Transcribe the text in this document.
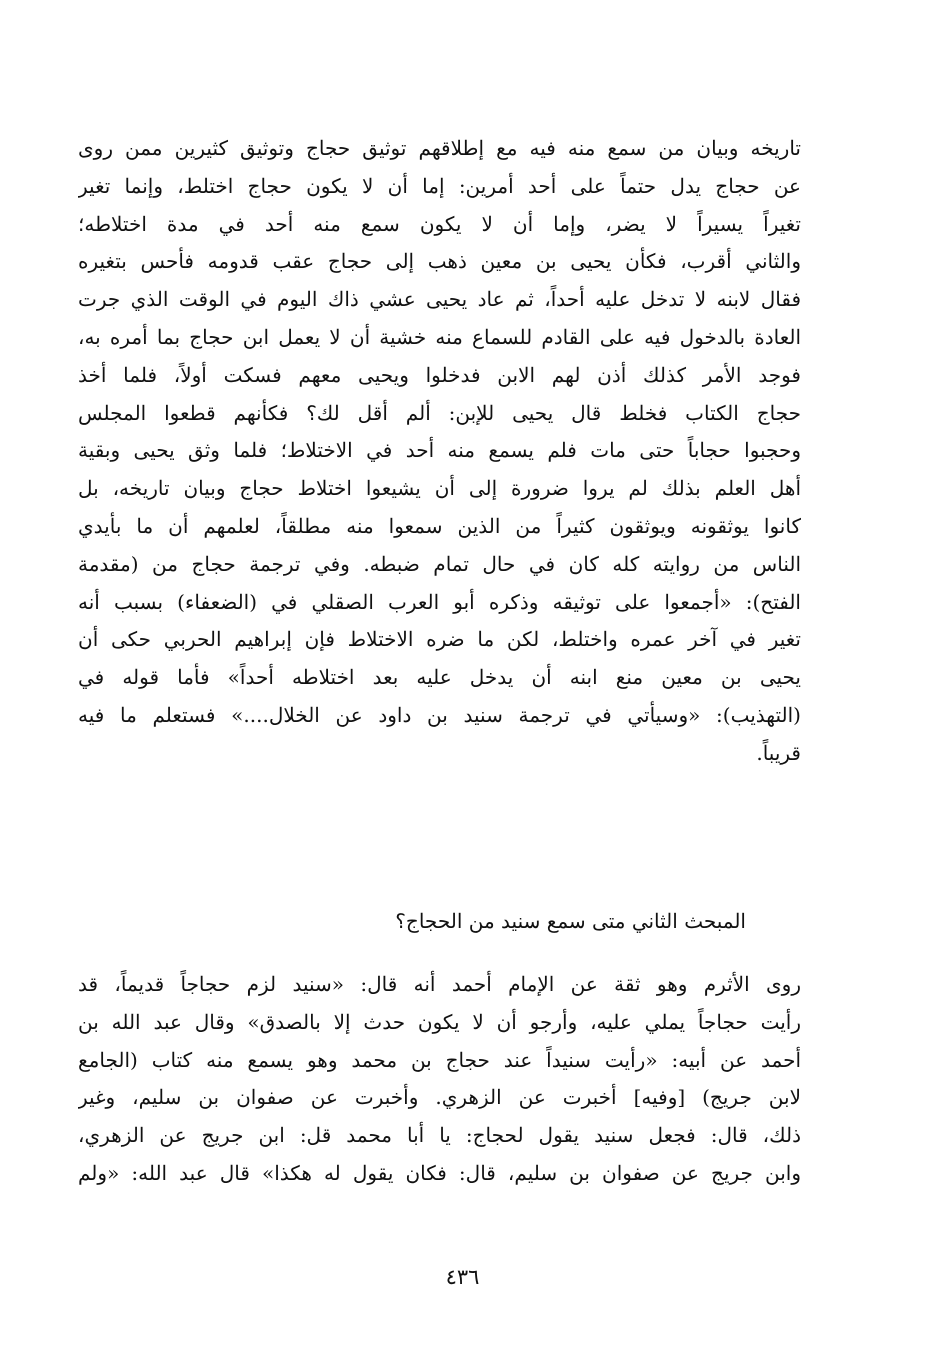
تاريخه وبيان من سمع منه فيه مع إطلاقهم توثيق حجاج وتوثيق كثيرين ممن روى
عن حجاج يدل حتماً على أحد أمرين: إما أن لا يكون حجاج اختلط، وإنما تغير
تغيراً يسيراً لا يضر، وإما أن لا يكون سمع منه أحد في مدة اختلاطه؛
والثاني أقرب، فكأن يحيى بن معين ذهب إلى حجاج عقب قدومه فأحس بتغيره
فقال لابنه لا تدخل عليه أحداً، ثم عاد يحيى عشي ذاك اليوم في الوقت الذي جرت
العادة بالدخول فيه على القادم للسماع منه خشية أن لا يعمل ابن حجاج بما أمره به،
فوجد الأمر كذلك أذن لهم الابن فدخلوا ويحيى معهم فسكت أولاً، فلما أخذ
حجاج الكتاب فخلط قال يحيى للإبن: ألم أقل لك؟ فكأنهم قطعوا المجلس
وحجبوا حجاباً حتى مات فلم يسمع منه أحد في الاختلاط؛ فلما وثق يحيى وبقية
أهل العلم بذلك لم يروا ضرورة إلى أن يشيعوا اختلاط حجاج وبيان تاريخه، بل
كانوا يوثقونه ويوثقون كثيراً من الذين سمعوا منه مطلقاً، لعلمهم أن ما بأيدي
الناس من روايته كله كان في حال تمام ضبطه. وفي ترجمة حجاج من (مقدمة
الفتح): «أجمعوا على توثيقه وذكره أبو العرب الصقلي في (الضعفاء) بسبب أنه
تغير في آخر عمره واختلط، لكن ما ضره الاختلاط فإن إبراهيم الحربي حكى أن
يحيى بن معين منع ابنه أن يدخل عليه بعد اختلاطه أحداً» فأما قوله في
(التهذيب): «وسيأتي في ترجمة سنيد بن داود عن الخلال....» فستعلم ما فيه
قريباً.
المبحث الثاني متى سمع سنيد من الحجاج؟
روى الأثرم وهو ثقة عن الإمام أحمد أنه قال: «سنيد لزم حجاجاً قديماً، قد
رأيت حجاجاً يملي عليه، وأرجو أن لا يكون حدث إلا بالصدق» وقال عبد الله بن
أحمد عن أبيه: «رأيت سنيداً عند حجاج بن محمد وهو يسمع منه كتاب (الجامع
لابن جريج) [وفيه] أخبرت عن الزهري. وأخبرت عن صفوان بن سليم، وغير
ذلك، قال: فجعل سنيد يقول لحجاج: يا أبا محمد قل: ابن جريج عن الزهري،
وابن جريج عن صفوان بن سليم، قال: فكان يقول له هكذا» قال عبد الله: «ولم
٤٣٦
